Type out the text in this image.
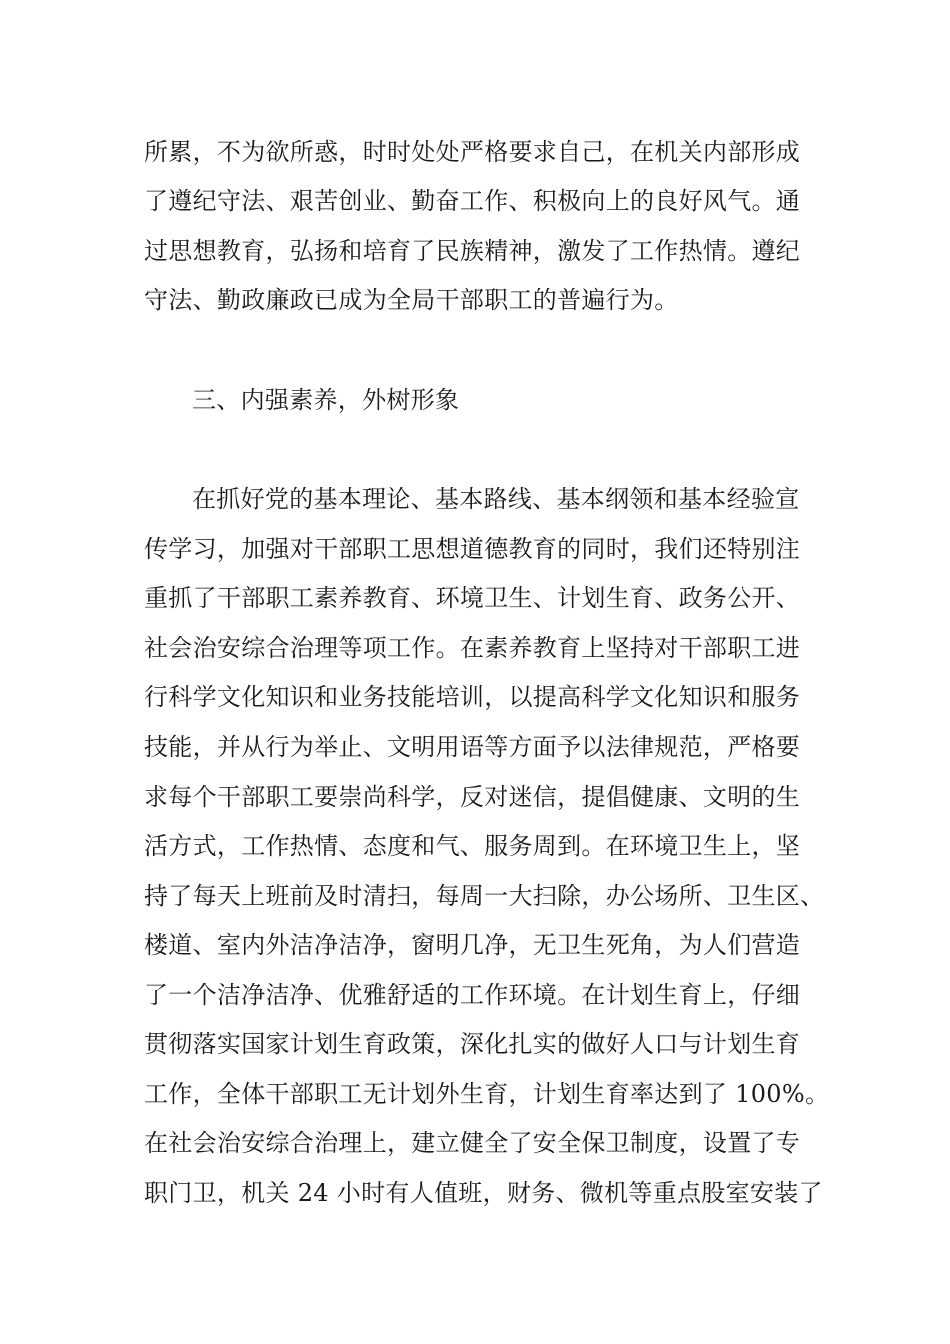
所累，不为欲所惑，时时处处严格要求自己，在机关内部形成
了遵纪守法、艰苦创业、勤奋工作、积极向上的良好风气。通
过思想教育，弘扬和培育了民族精神，激发了工作热情。遵纪
守法、勤政廉政已成为全局干部职工的普遍行为。
三、内强素养，外树形象
在抓好党的基本理论、基本路线、基本纲领和基本经验宣
传学习，加强对干部职工思想道德教育的同时，我们还特别注
重抓了干部职工素养教育、环境卫生、计划生育、政务公开、
社会治安综合治理等项工作。在素养教育上坚持对干部职工进
行科学文化知识和业务技能培训，以提高科学文化知识和服务
技能，并从行为举止、文明用语等方面予以法律规范，严格要
求每个干部职工要崇尚科学，反对迷信，提倡健康、文明的生
活方式，工作热情、态度和气、服务周到。在环境卫生上，坚
持了每天上班前及时清扫，每周一大扫除，办公场所、卫生区、
楼道、室内外洁净洁净，窗明几净，无卫生死角，为人们营造
了一个洁净洁净、优雅舒适的工作环境。在计划生育上，仔细
贯彻落实国家计划生育政策，深化扎实的做好人口与计划生育
工作，全体干部职工无计划外生育，计划生育率达到了 100%。
在社会治安综合治理上，建立健全了安全保卫制度，设置了专
职门卫，机关 24 小时有人值班，财务、微机等重点股室安装了
